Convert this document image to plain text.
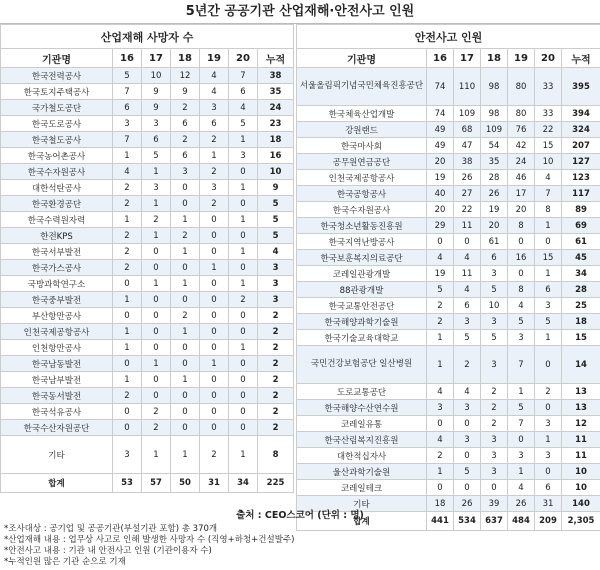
5년간 공공기관 산업재해·안전사고 인원
산업재해 사망자 수						
기관명	16	17	18	19	20	누적
한국전력공사	5	10	12	4	7	38
한국토지주택공사	7	9	9	4	6	35
국가철도공단	6	9	2	3	4	24
한국도로공사	3	3	6	6	5	23
한국철도공사	7	6	2	2	1	18
한국농어촌공사	1	5	6	1	3	16
한국수자원공사	4	1	3	2	0	10
대한석탄공사	2	3	0	3	1	9
한국환경공단	2	1	0	2	0	5
한국수력원자력	1	2	1	0	1	5
한전KPS	2	1	2	0	0	5
한국서부발전	2	0	1	0	1	4
한국가스공사	2	0	0	1	0	3
국방과학연구소	0	1	1	0	1	3
한국중부발전	1	0	0	0	2	3
부산항만공사	0	0	2	0	0	2
인천국제공항공사	1	0	1	0	0	2
인천항만공사	1	0	0	0	1	2
한국남동발전	0	1	0	1	0	2
한국남부발전	1	0	1	0	0	2
한국동서발전	2	0	0	0	0	2
한국석유공사	0	2	0	0	0	2
한국수산자원공단	0	2	0	0	0	2
기타	3	1	1	2	1	8
합계	53	57	50	31	34	225
안전사고 인원						
기관명	16	17	18	19	20	누적
서울올림픽기념국민체육진흥공단	74	110	98	80	33	395
한국체육산업개발	74	109	98	80	33	394
강원랜드	49	68	109	76	22	324
한국마사회	49	47	54	42	15	207
공무원연금공단	20	38	35	24	10	127
인천국제공항공사	19	26	28	46	4	123
한국공항공사	40	27	26	17	7	117
한국수자원공사	20	22	19	20	8	89
한국청소년활동진흥원	29	11	20	8	1	69
한국지역난방공사	0	0	61	0	0	61
한국보훈복지의료공단	4	4	6	16	15	45
코레일관광개발	19	11	3	0	1	34
88관광개발	5	4	5	8	6	28
한국교통안전공단	2	6	10	4	3	25
한국해양과학기술원	2	3	3	5	5	18
한국기술교육대학교	1	5	5	3	1	15
국민건강보험공단 일산병원	1	2	3	7	0	14
도로교통공단	4	4	2	1	2	13
한국해양수산연수원	3	3	2	5	0	13
코레일유통	0	0	2	7	3	12
한국산림복지진흥원	4	3	3	0	1	11
대한적십자사	2	0	3	3	3	11
울산과학기술원	1	5	3	1	0	10
코레일테크	0	0	0	4	6	10
기타	18	26	39	26	31	140
합계	441	534	637	484	209	2,305
출처 : CEO스코어 (단위 : 명)
*조사대상 : 공기업 및 공공기관(부설기관 포함) 총 370개
*산업재해 내용 : 업무상 사고로 인해 발생한 사망자 수 (직영+하청+건설발주)
*안전사고 내용 : 기관 내 안전사고 인원 (기관이용자 수)
*누적인원 많은 기관 순으로 기재
